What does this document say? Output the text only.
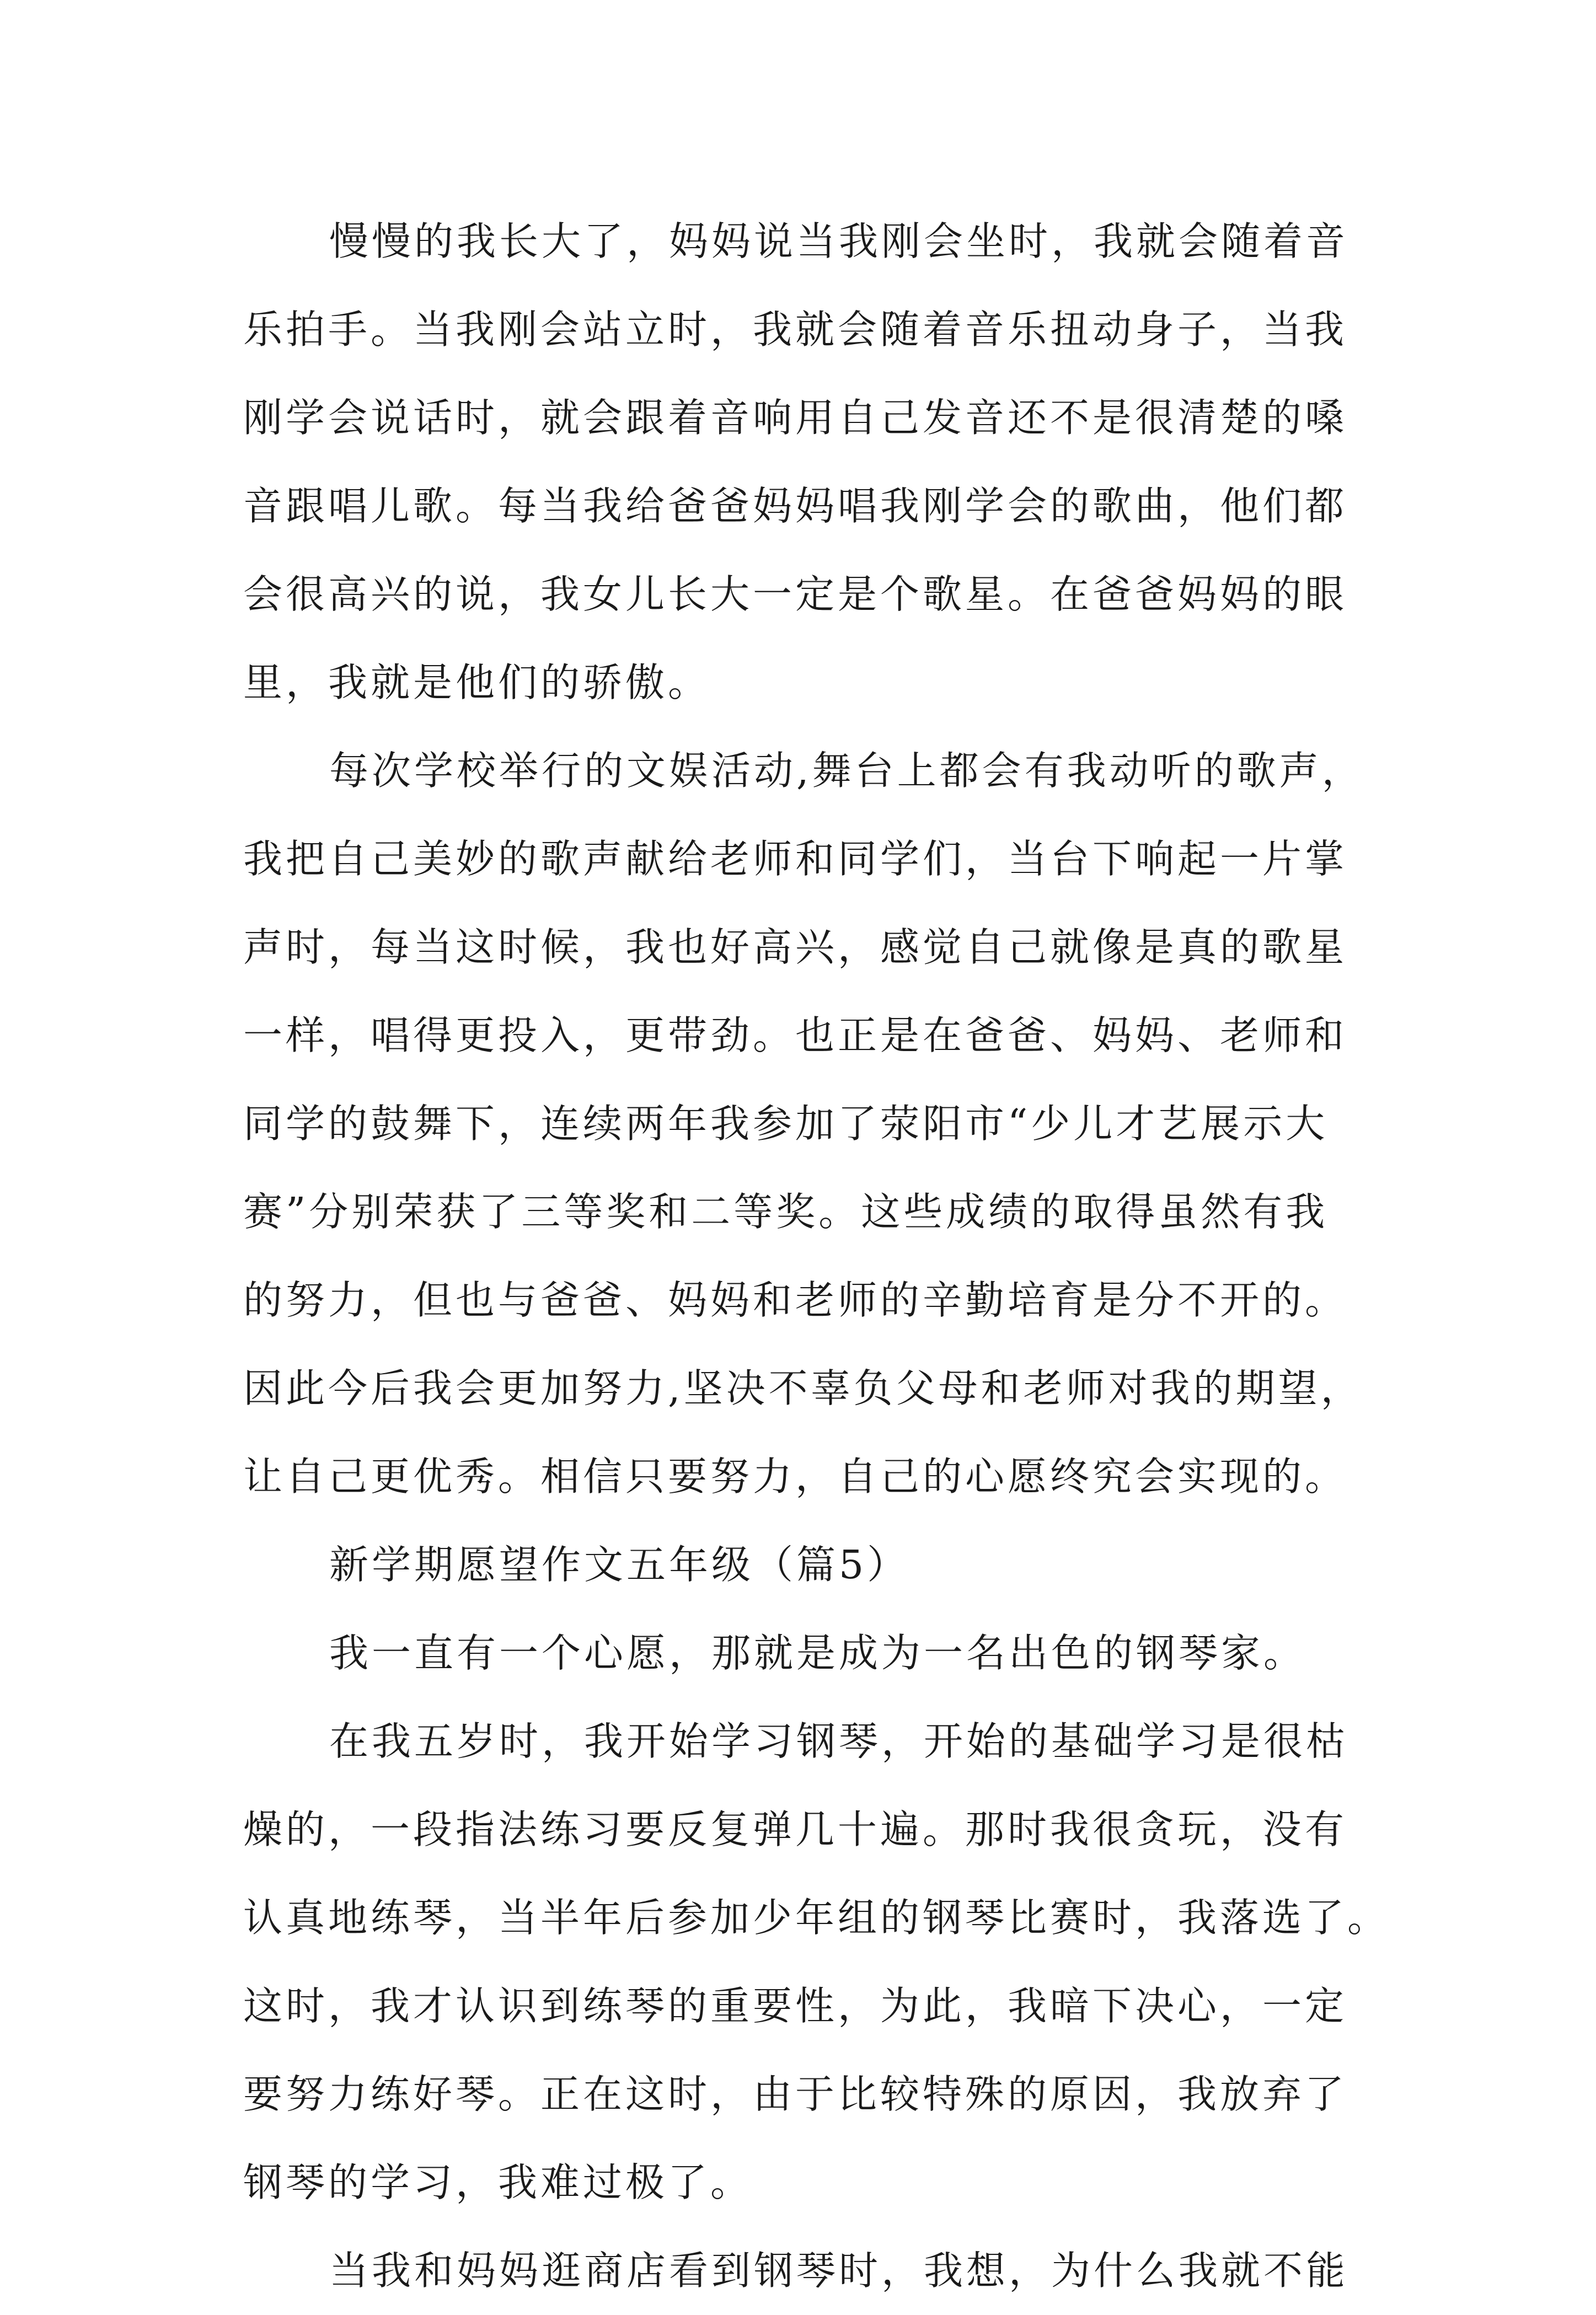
慢慢的我长大了，妈妈说当我刚会坐时，我就会随着音
乐拍手。当我刚会站立时，我就会随着音乐扭动身子，当我
刚学会说话时，就会跟着音响用自己发音还不是很清楚的嗓
音跟唱儿歌。每当我给爸爸妈妈唱我刚学会的歌曲，他们都
会很高兴的说，我女儿长大一定是个歌星。在爸爸妈妈的眼
里，我就是他们的骄傲。
每次学校举行的文娱活动,舞台上都会有我动听的歌声，
我把自己美妙的歌声献给老师和同学们，当台下响起一片掌
声时，每当这时候，我也好高兴，感觉自己就像是真的歌星
一样，唱得更投入，更带劲。也正是在爸爸、妈妈、老师和
同学的鼓舞下，连续两年我参加了荥阳市“少儿才艺展示大
赛”分别荣获了三等奖和二等奖。这些成绩的取得虽然有我
的努力，但也与爸爸、妈妈和老师的辛勤培育是分不开的。
因此今后我会更加努力,坚决不辜负父母和老师对我的期望，
让自己更优秀。相信只要努力，自己的心愿终究会实现的。
新学期愿望作文五年级（篇5）
我一直有一个心愿，那就是成为一名出色的钢琴家。
在我五岁时，我开始学习钢琴，开始的基础学习是很枯
燥的，一段指法练习要反复弹几十遍。那时我很贪玩，没有
认真地练琴，当半年后参加少年组的钢琴比赛时，我落选了。
这时，我才认识到练琴的重要性，为此，我暗下决心，一定
要努力练好琴。正在这时，由于比较特殊的原因，我放弃了
钢琴的学习，我难过极了。
当我和妈妈逛商店看到钢琴时，我想，为什么我就不能
